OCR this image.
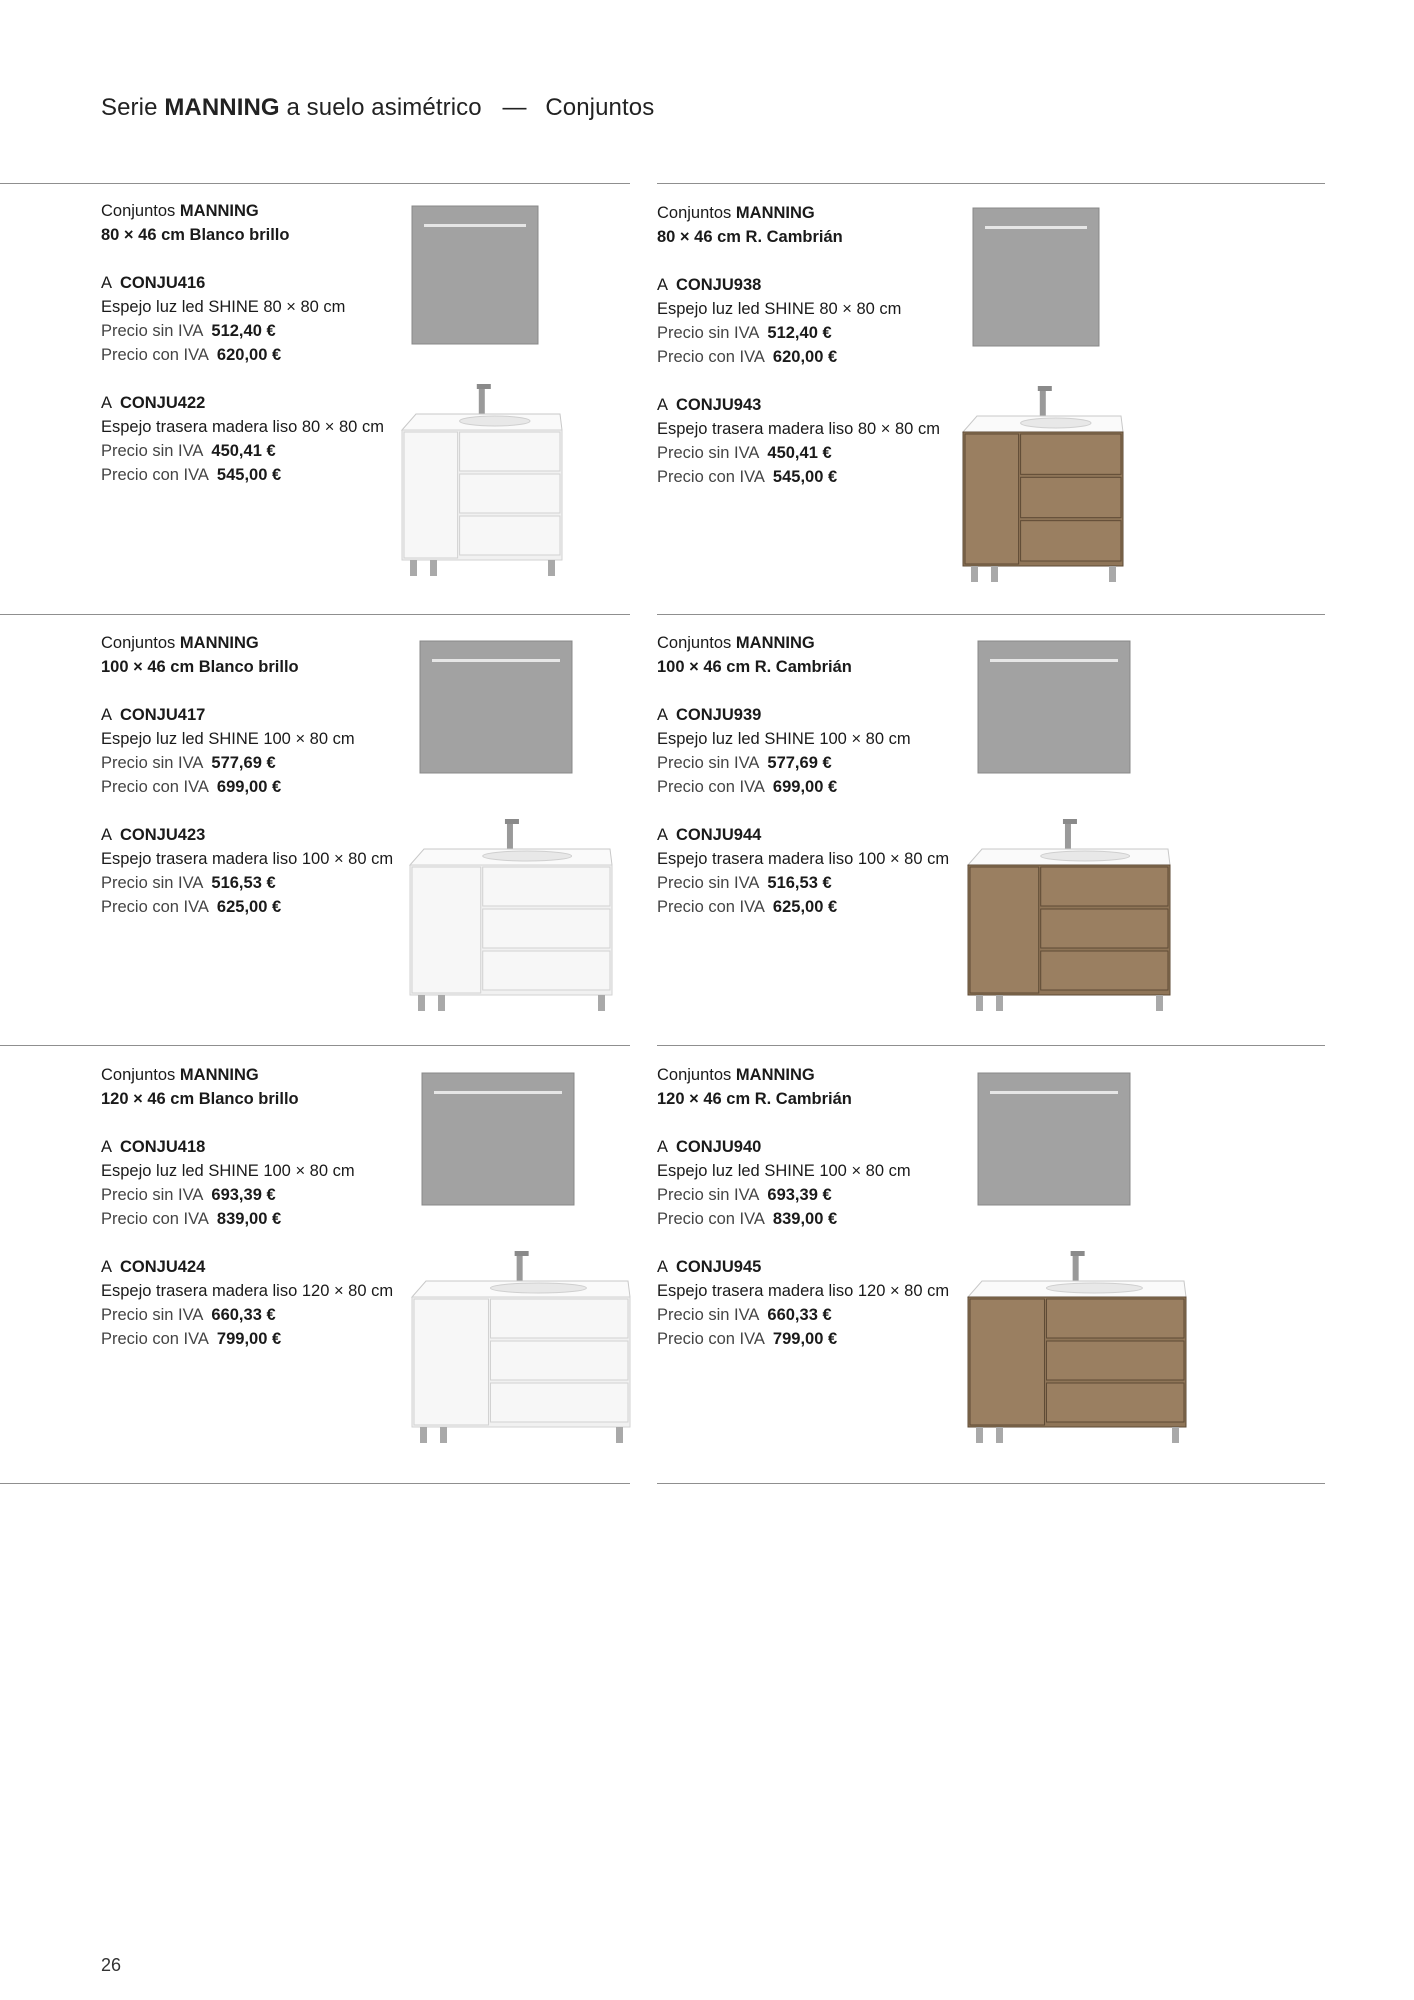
Serie MANNING a suelo asimétrico — Conjuntos
Conjuntos MANNING
80 × 46 cm Blanco brillo
A CONJU416
Espejo luz led SHINE 80 × 80 cm
Precio sin IVA 512,40 €
Precio con IVA 620,00 €
A CONJU422
Espejo trasera madera liso 80 × 80 cm
Precio sin IVA 450,41 €
Precio con IVA 545,00 €
Conjuntos MANNING
80 × 46 cm R. Cambrián
A CONJU938
Espejo luz led SHINE 80 × 80 cm
Precio sin IVA 512,40 €
Precio con IVA 620,00 €
A CONJU943
Espejo trasera madera liso 80 × 80 cm
Precio sin IVA 450,41 €
Precio con IVA 545,00 €
Conjuntos MANNING
100 × 46 cm Blanco brillo
A CONJU417
Espejo luz led SHINE 100 × 80 cm
Precio sin IVA 577,69 €
Precio con IVA 699,00 €
A CONJU423
Espejo trasera madera liso 100 × 80 cm
Precio sin IVA 516,53 €
Precio con IVA 625,00 €
Conjuntos MANNING
100 × 46 cm R. Cambrián
A CONJU939
Espejo luz led SHINE 100 × 80 cm
Precio sin IVA 577,69 €
Precio con IVA 699,00 €
A CONJU944
Espejo trasera madera liso 100 × 80 cm
Precio sin IVA 516,53 €
Precio con IVA 625,00 €
Conjuntos MANNING
120 × 46 cm Blanco brillo
A CONJU418
Espejo luz led SHINE 100 × 80 cm
Precio sin IVA 693,39 €
Precio con IVA 839,00 €
A CONJU424
Espejo trasera madera liso 120 × 80 cm
Precio sin IVA 660,33 €
Precio con IVA 799,00 €
Conjuntos MANNING
120 × 46 cm R. Cambrián
A CONJU940
Espejo luz led SHINE 100 × 80 cm
Precio sin IVA 693,39 €
Precio con IVA 839,00 €
A CONJU945
Espejo trasera madera liso 120 × 80 cm
Precio sin IVA 660,33 €
Precio con IVA 799,00 €
26
